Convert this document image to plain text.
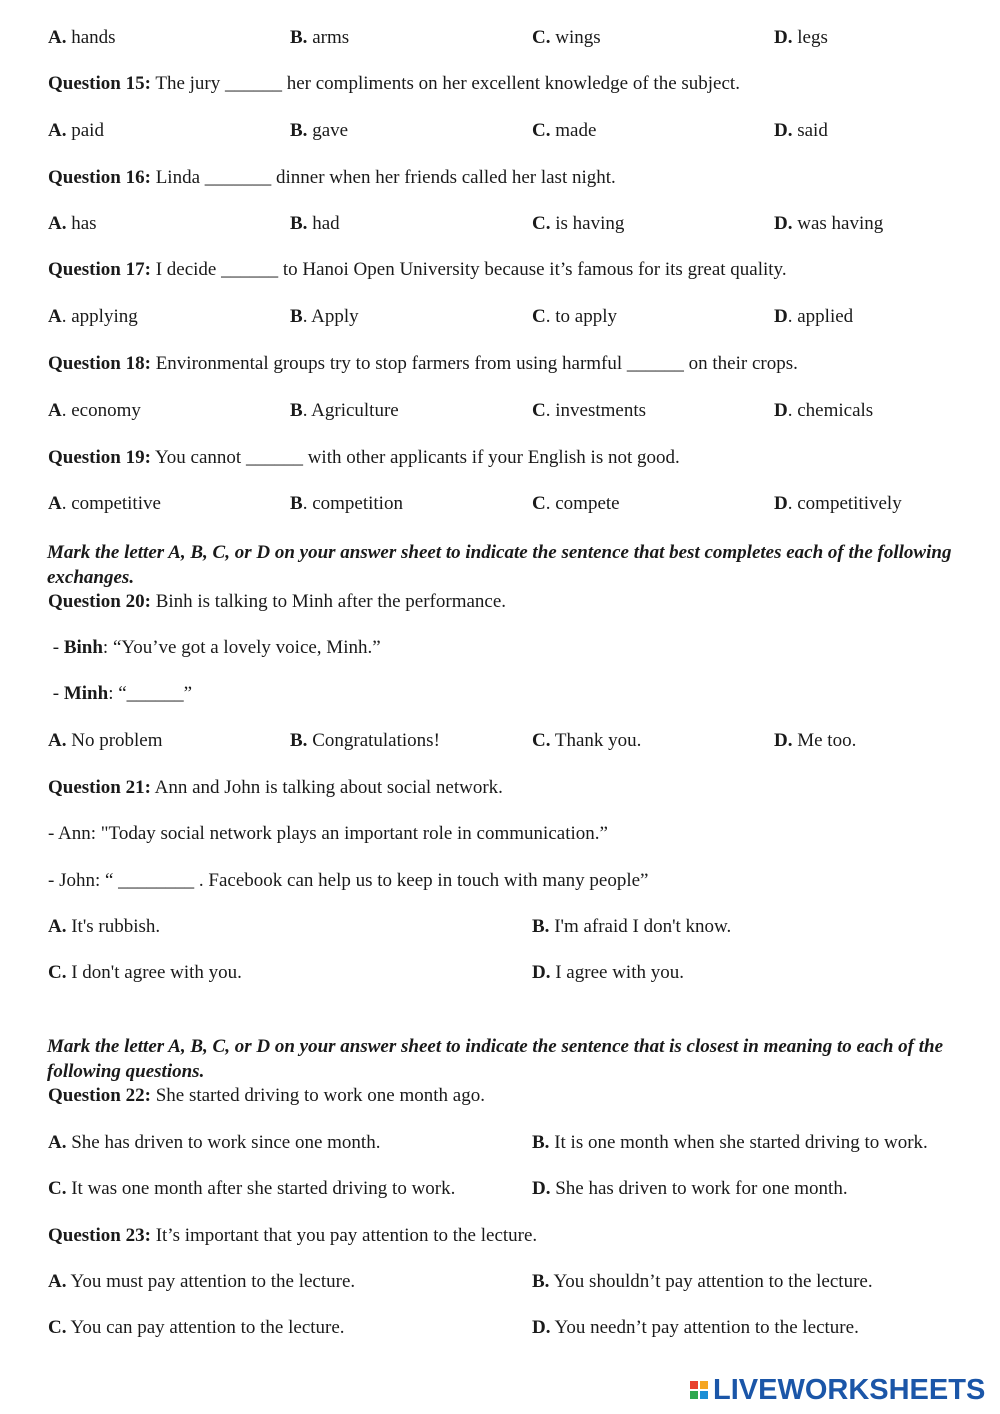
A. hands	B. arms	C. wings	D. legs
Question 15: The jury ______ her compliments on her excellent knowledge of the subject.
A. paid	B. gave	C. made	D. said
Question 16: Linda _______ dinner when her friends called her last night.
A. has	B. had	C. is having	D. was having
Question 17: I decide ______ to Hanoi Open University because it’s famous for its great quality.
A. applying	B. Apply	C. to apply	D. applied
Question 18: Environmental groups try to stop farmers from using harmful ______ on their crops.
A. economy	B. Agriculture	C. investments	D. chemicals
Question 19: You cannot ______ with other applicants if your English is not good.
A. competitive	B. competition	C. compete	D. competitively
Mark the letter A, B, C, or D on your answer sheet to indicate the sentence that best completes each of the following exchanges.
Question 20: Binh is talking to Minh after the performance.
- Binh: “You’ve got a lovely voice, Minh.”
- Minh: “______”
A. No problem	B. Congratulations!	C. Thank you.	D. Me too.
Question 21: Ann and John is talking about social network.
- Ann: "Today social network plays an important role in communication.”
- John: “ ________ . Facebook can help us to keep in touch with many people”
A. It's rubbish.	B. I'm afraid I don't know.
C. I don't agree with you.	D. I agree with you.
Mark the letter A, B, C, or D on your answer sheet to indicate the sentence that is closest in meaning to each of the following questions.
Question 22: She started driving to work one month ago.
A. She has driven to work since one month.	B. It is one month when she started driving to work.
C. It was one month after she started driving to work.	D. She has driven to work for one month.
Question 23: It’s important that you pay attention to the lecture.
A. You must pay attention to the lecture.	B. You shouldn’t pay attention to the lecture.
C. You can pay attention to the lecture.	D. You needn’t pay attention to the lecture.
LIVEWORKSHEETS
